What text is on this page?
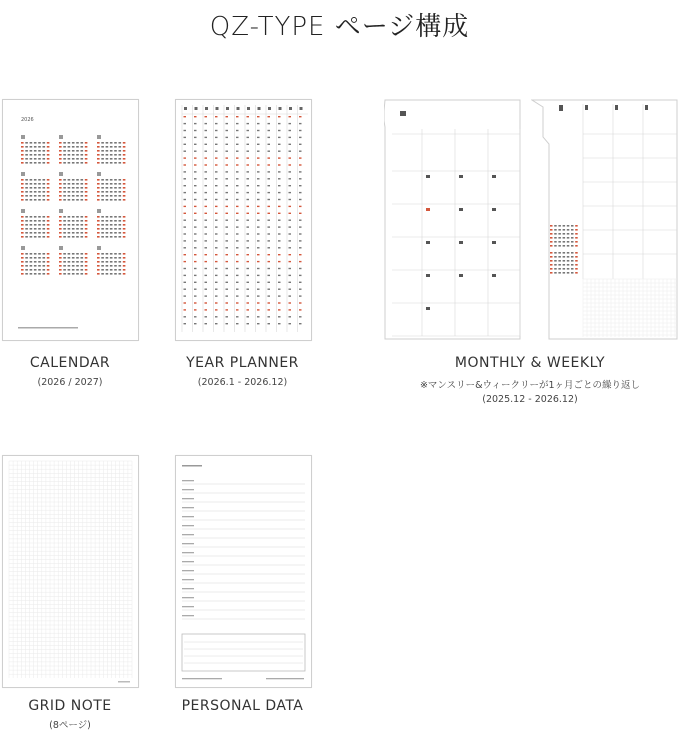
QZ-TYPE ページ構成
2026
CALENDAR
(2026 / 2027)
YEAR PLANNER
(2026.1 - 2026.12)
MONTHLY & WEEKLY
※マンスリー&ウィークリーが1ヶ月ごとの繰り返し
(2025.12 - 2026.12)
GRID NOTE
(8ページ)
PERSONAL DATA
